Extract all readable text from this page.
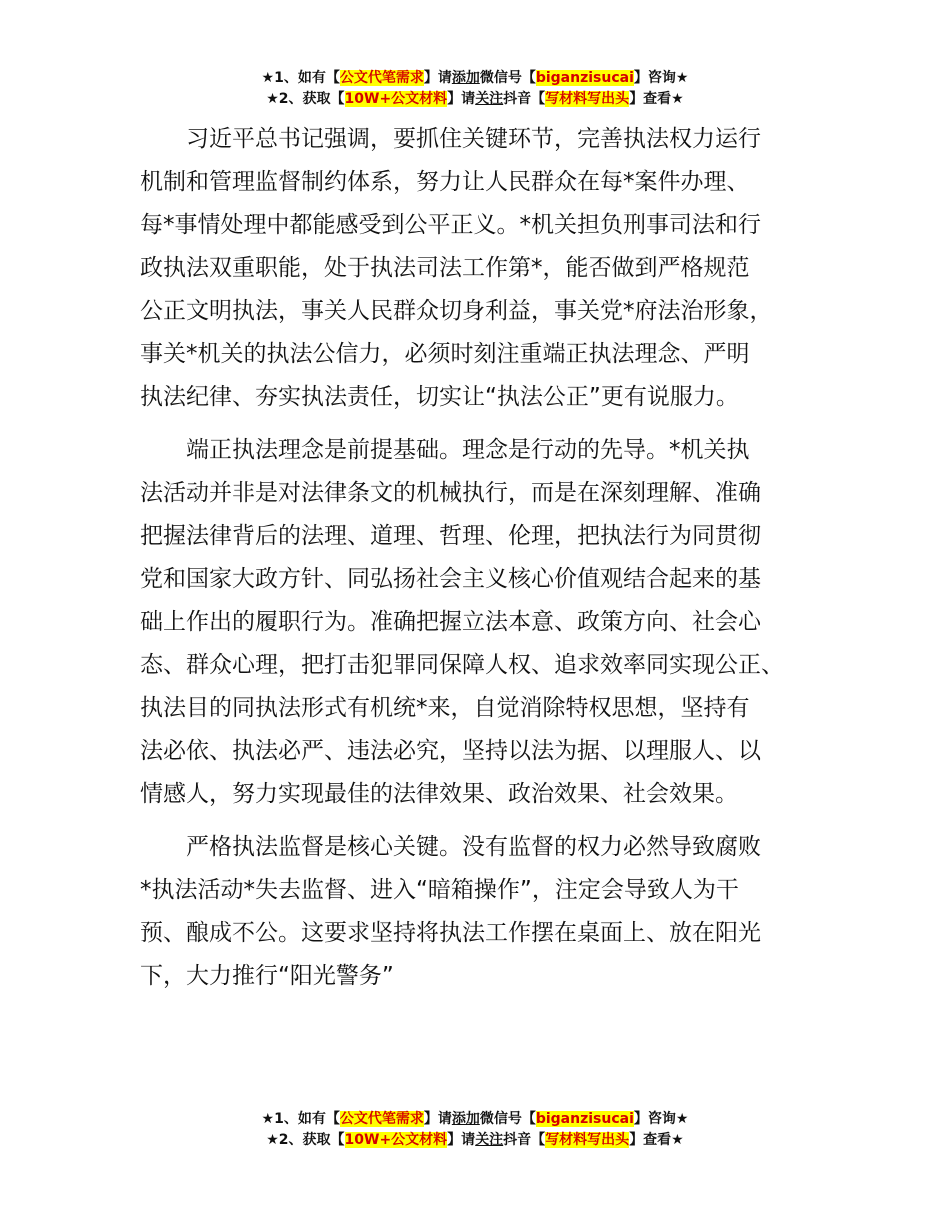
★1、如有【公文代笔需求】请添加微信号【biganzisucai】咨询★
★2、获取【10W+公文材料】请关注抖音【写材料写出头】查看★
习近平总书记强调，要抓住关键环节，完善执法权力运行
机制和管理监督制约体系，努力让人民群众在每*案件办理、
每*事情处理中都能感受到公平正义。*机关担负刑事司法和行
政执法双重职能，处于执法司法工作第*，能否做到严格规范
公正文明执法，事关人民群众切身利益，事关党*府法治形象，
事关*机关的执法公信力，必须时刻注重端正执法理念、严明
执法纪律、夯实执法责任，切实让“执法公正”更有说服力。
端正执法理念是前提基础。理念是行动的先导。*机关执
法活动并非是对法律条文的机械执行，而是在深刻理解、准确
把握法律背后的法理、道理、哲理、伦理，把执法行为同贯彻
党和国家大政方针、同弘扬社会主义核心价值观结合起来的基
础上作出的履职行为。准确把握立法本意、政策方向、社会心
态、群众心理，把打击犯罪同保障人权、追求效率同实现公正、
执法目的同执法形式有机统*来，自觉消除特权思想，坚持有
法必依、执法必严、违法必究，坚持以法为据、以理服人、以
情感人，努力实现最佳的法律效果、政治效果、社会效果。
严格执法监督是核心关键。没有监督的权力必然导致腐败
*执法活动*失去监督、进入“暗箱操作”，注定会导致人为干
预、酿成不公。这要求坚持将执法工作摆在桌面上、放在阳光
下，大力推行“阳光警务”
★1、如有【公文代笔需求】请添加微信号【biganzisucai】咨询★
★2、获取【10W+公文材料】请关注抖音【写材料写出头】查看★
